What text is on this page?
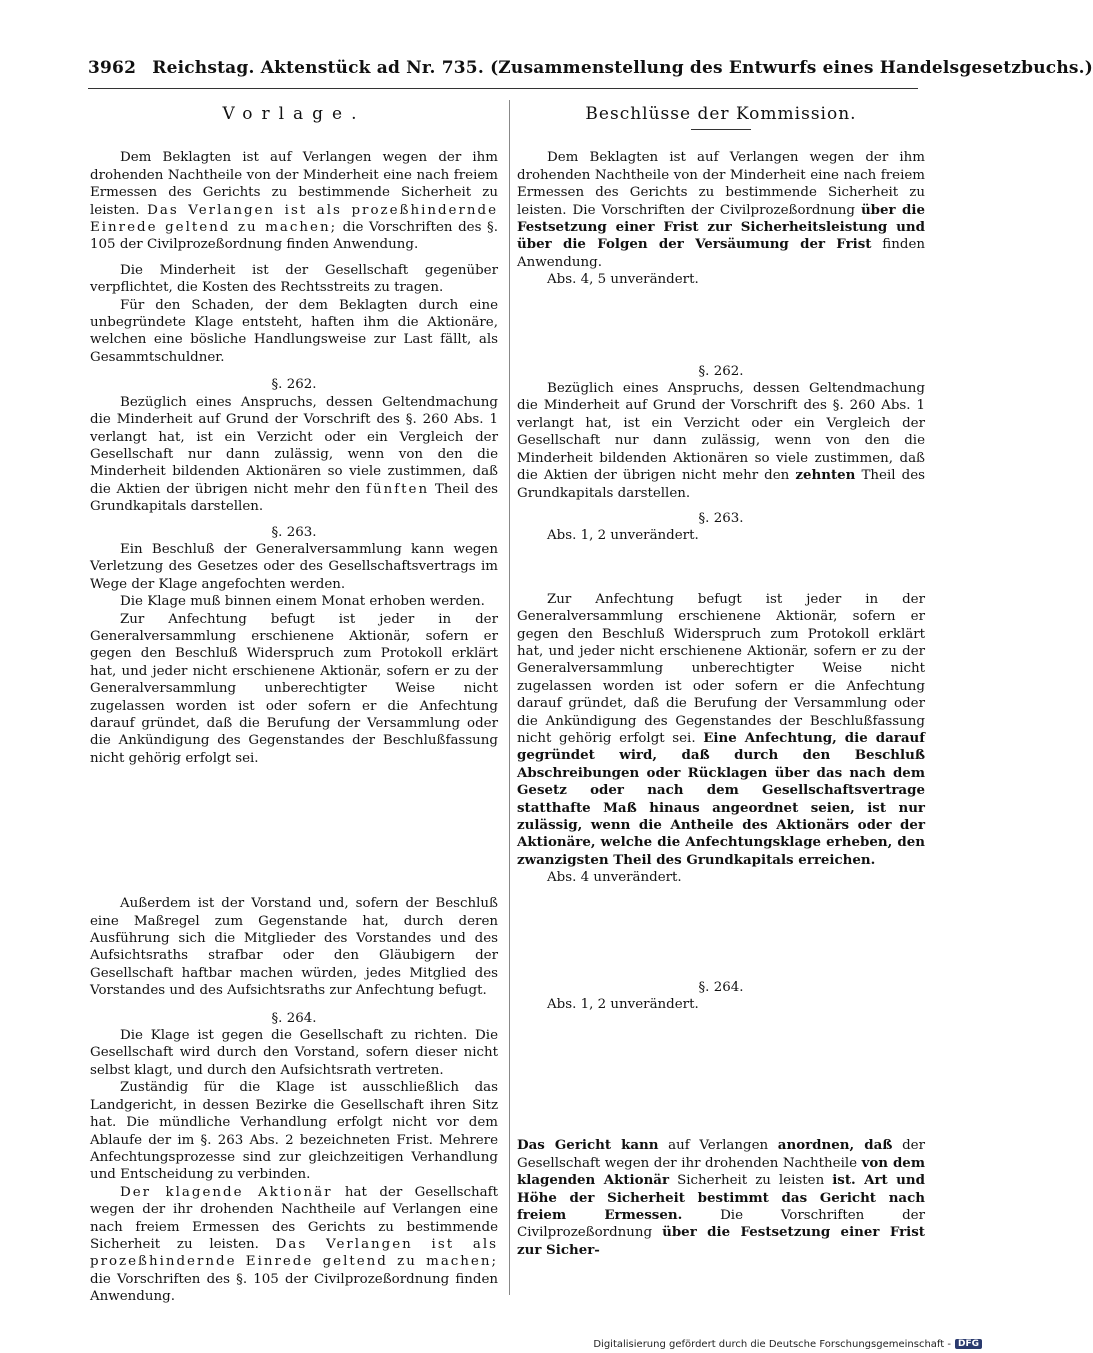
3962 Reichstag. Aktenstück ad Nr. 735. (Zusammenstellung des Entwurfs eines Handelsgesetzbuchs.)

Vorlage.

Dem Beklagten ist auf Verlangen wegen der ihm drohenden Nachtheile von der Minderheit eine nach freiem Ermessen des Gerichts zu bestimmende Sicherheit zu leisten. Das Verlangen ist als prozeßhindernde Einrede geltend zu machen; die Vorschriften des §. 105 der Civilprozeßordnung finden Anwendung.

Die Minderheit ist der Gesellschaft gegenüber verpflichtet, die Kosten des Rechtsstreits zu tragen.

Für den Schaden, der dem Beklagten durch eine unbegründete Klage entsteht, haften ihm die Aktionäre, welchen eine bösliche Handlungsweise zur Last fällt, als Gesammtschuldner.

§. 262.

Bezüglich eines Anspruchs, dessen Geltendmachung die Minderheit auf Grund der Vorschrift des §. 260 Abs. 1 verlangt hat, ist ein Verzicht oder ein Vergleich der Gesellschaft nur dann zulässig, wenn von den die Minderheit bildenden Aktionären so viele zustimmen, daß die Aktien der übrigen nicht mehr den fünften Theil des Grundkapitals darstellen.

§. 263.

Ein Beschluß der Generalversammlung kann wegen Verletzung des Gesetzes oder des Gesellschaftsvertrags im Wege der Klage angefochten werden.

Die Klage muß binnen einem Monat erhoben werden.

Zur Anfechtung befugt ist jeder in der Generalversammlung erschienene Aktionär, sofern er gegen den Beschluß Widerspruch zum Protokoll erklärt hat, und jeder nicht erschienene Aktionär, sofern er zu der Generalversammlung unberechtigter Weise nicht zugelassen worden ist oder sofern er die Anfechtung darauf gründet, daß die Berufung der Versammlung oder die Ankündigung des Gegenstandes der Beschlußfassung nicht gehörig erfolgt sei.

Außerdem ist der Vorstand und, sofern der Beschluß eine Maßregel zum Gegenstande hat, durch deren Ausführung sich die Mitglieder des Vorstandes und des Aufsichtsraths strafbar oder den Gläubigern der Gesellschaft haftbar machen würden, jedes Mitglied des Vorstandes und des Aufsichtsraths zur Anfechtung befugt.

§. 264.

Die Klage ist gegen die Gesellschaft zu richten. Die Gesellschaft wird durch den Vorstand, sofern dieser nicht selbst klagt, und durch den Aufsichtsrath vertreten.

Zuständig für die Klage ist ausschließlich das Landgericht, in dessen Bezirke die Gesellschaft ihren Sitz hat. Die mündliche Verhandlung erfolgt nicht vor dem Ablaufe der im §. 263 Abs. 2 bezeichneten Frist. Mehrere Anfechtungsprozesse sind zur gleichzeitigen Verhandlung und Entscheidung zu verbinden.

Der klagende Aktionär hat der Gesellschaft wegen der ihr drohenden Nachtheile auf Verlangen eine nach freiem Ermessen des Gerichts zu bestimmende Sicherheit zu leisten. Das Verlangen ist als prozeßhindernde Einrede geltend zu machen; die Vorschriften des §. 105 der Civilprozeßordnung finden Anwendung.

Beschlüsse der Kommission.

Dem Beklagten ist auf Verlangen wegen der ihm drohenden Nachtheile von der Minderheit eine nach freiem Ermessen des Gerichts zu bestimmende Sicherheit zu leisten. Die Vorschriften der Civilprozeßordnung über die Festsetzung einer Frist zur Sicherheitsleistung und über die Folgen der Versäumung der Frist finden Anwendung.

Abs. 4, 5 unverändert.

§. 262.

Bezüglich eines Anspruchs, dessen Geltendmachung die Minderheit auf Grund der Vorschrift des §. 260 Abs. 1 verlangt hat, ist ein Verzicht oder ein Vergleich der Gesellschaft nur dann zulässig, wenn von den die Minderheit bildenden Aktionären so viele zustimmen, daß die Aktien der übrigen nicht mehr den zehnten Theil des Grundkapitals darstellen.

§. 263.

Abs. 1, 2 unverändert.

Zur Anfechtung befugt ist jeder in der Generalversammlung erschienene Aktionär, sofern er gegen den Beschluß Widerspruch zum Protokoll erklärt hat, und jeder nicht erschienene Aktionär, sofern er zu der Generalversammlung unberechtigter Weise nicht zugelassen worden ist oder sofern er die Anfechtung darauf gründet, daß die Berufung der Versammlung oder die Ankündigung des Gegenstandes der Beschlußfassung nicht gehörig erfolgt sei. Eine Anfechtung, die darauf gegründet wird, daß durch den Beschluß Abschreibungen oder Rücklagen über das nach dem Gesetz oder nach dem Gesellschaftsvertrage statthafte Maß hinaus angeordnet seien, ist nur zulässig, wenn die Antheile des Aktionärs oder der Aktionäre, welche die Anfechtungsklage erheben, den zwanzigsten Theil des Grundkapitals erreichen.

Abs. 4 unverändert.

§. 264.

Abs. 1, 2 unverändert.

Das Gericht kann auf Verlangen anordnen, daß der Gesellschaft wegen der ihr drohenden Nachtheile von dem klagenden Aktionär Sicherheit zu leisten ist. Art und Höhe der Sicherheit bestimmt das Gericht nach freiem Ermessen. Die Vorschriften der Civilprozeßordnung über die Festsetzung einer Frist zur Sicher-

Digitalisierung gefördert durch die Deutsche Forschungsgemeinschaft - DFG
